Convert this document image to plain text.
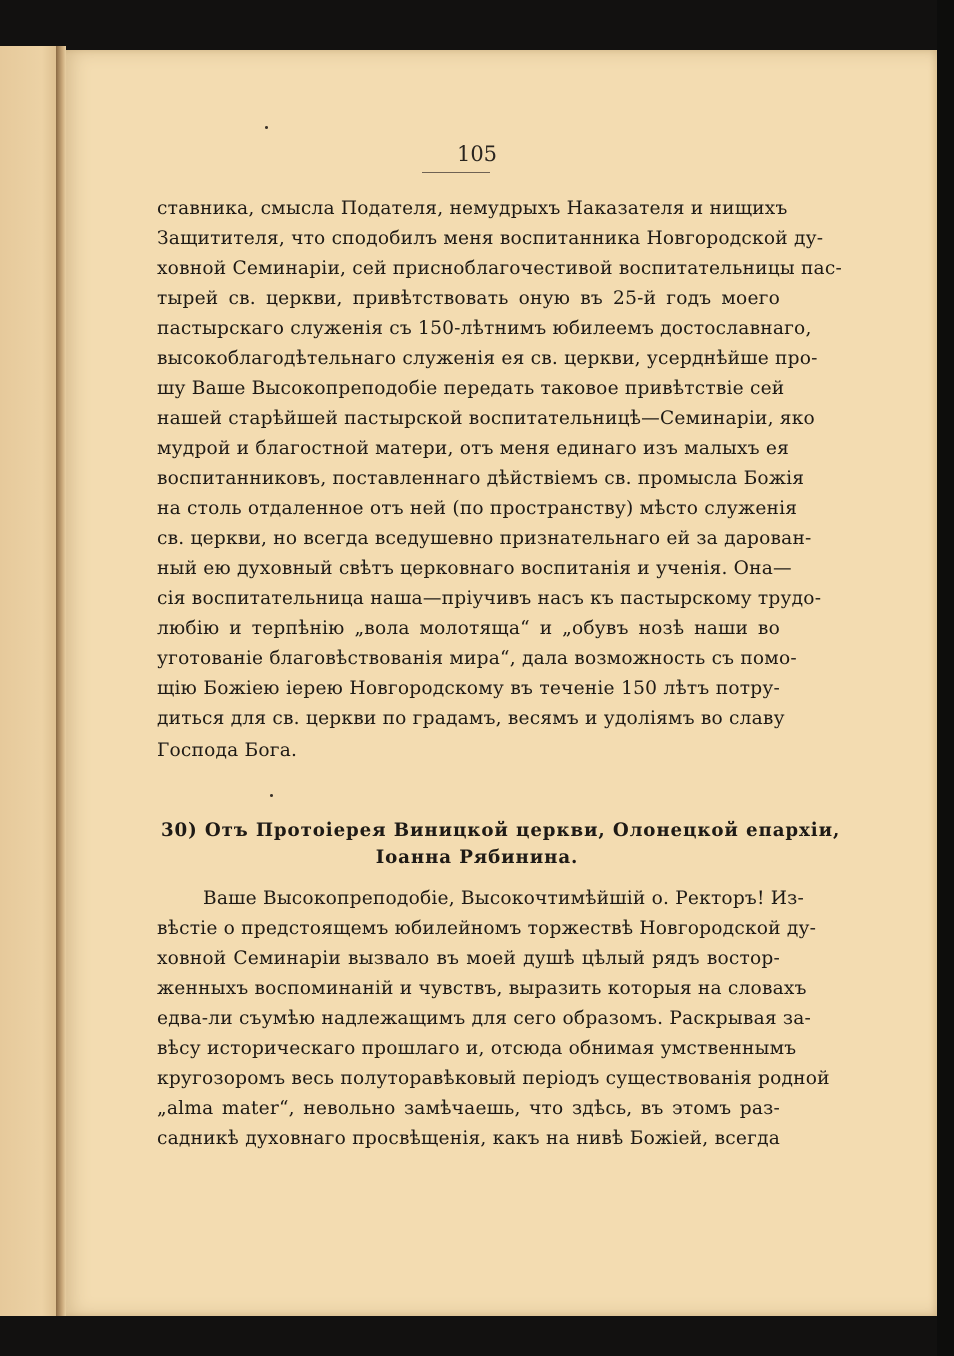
105
ставника, смысла Подателя, немудрыхъ Наказателя и нищихъ
Защитителя, что сподобилъ меня воспитанника Новгородской ду-
ховной Семинаріи, сей присноблагочестивой воспитательницы пас-
тырей св. церкви, привѣтствовать оную въ 25-й годъ моего
пастырскаго служенія съ 150-лѣтнимъ юбилеемъ достославнаго,
высокоблагодѣтельнаго служенія ея св. церкви, усерднѣйше про-
шу Ваше Высокопреподобіе передать таковое привѣтствіе сей
нашей старѣйшей пастырской воспитательницѣ—Семинаріи, яко
мудрой и благостной матери, отъ меня единаго изъ малыхъ ея
воспитанниковъ, поставленнаго дѣйствіемъ св. промысла Божія
на столь отдаленное отъ ней (по пространству) мѣсто служенія
св. церкви, но всегда вседушевно признательнаго ей за дарован-
ный ею духовный свѣтъ церковнаго воспитанія и ученія. Она—
сія воспитательница наша—пріучивъ насъ къ пастырскому трудо-
любію и терпѣнію „вола молотяща“ и „обувъ нозѣ наши во
уготованіе благовѣствованія мира“, дала возможность съ помо-
щію Божіею іерею Новгородскому въ теченіе 150 лѣтъ потру-
диться для св. церкви по градамъ, весямъ и удоліямъ во славу
Господа Бога.
30) Отъ Протоіерея Виницкой церкви, Олонецкой епархіи,
Іоанна Рябинина.
Ваше Высокопреподобіе, Высокочтимѣйшій о. Ректоръ! Из-
вѣстіе о предстоящемъ юбилейномъ торжествѣ Новгородской ду-
ховной Семинаріи вызвало въ моей душѣ цѣлый рядъ востор-
женныхъ воспоминаній и чувствъ, выразить которыя на словахъ
едва-ли съумѣю надлежащимъ для сего образомъ. Раскрывая за-
вѣсу историческаго прошлаго и, отсюда обнимая умственнымъ
кругозоромъ весь полуторавѣковый періодъ существованія родной
„alma mater“, невольно замѣчаешь, что здѣсь, въ этомъ раз-
садникѣ духовнаго просвѣщенія, какъ на нивѣ Божіей, всегда
